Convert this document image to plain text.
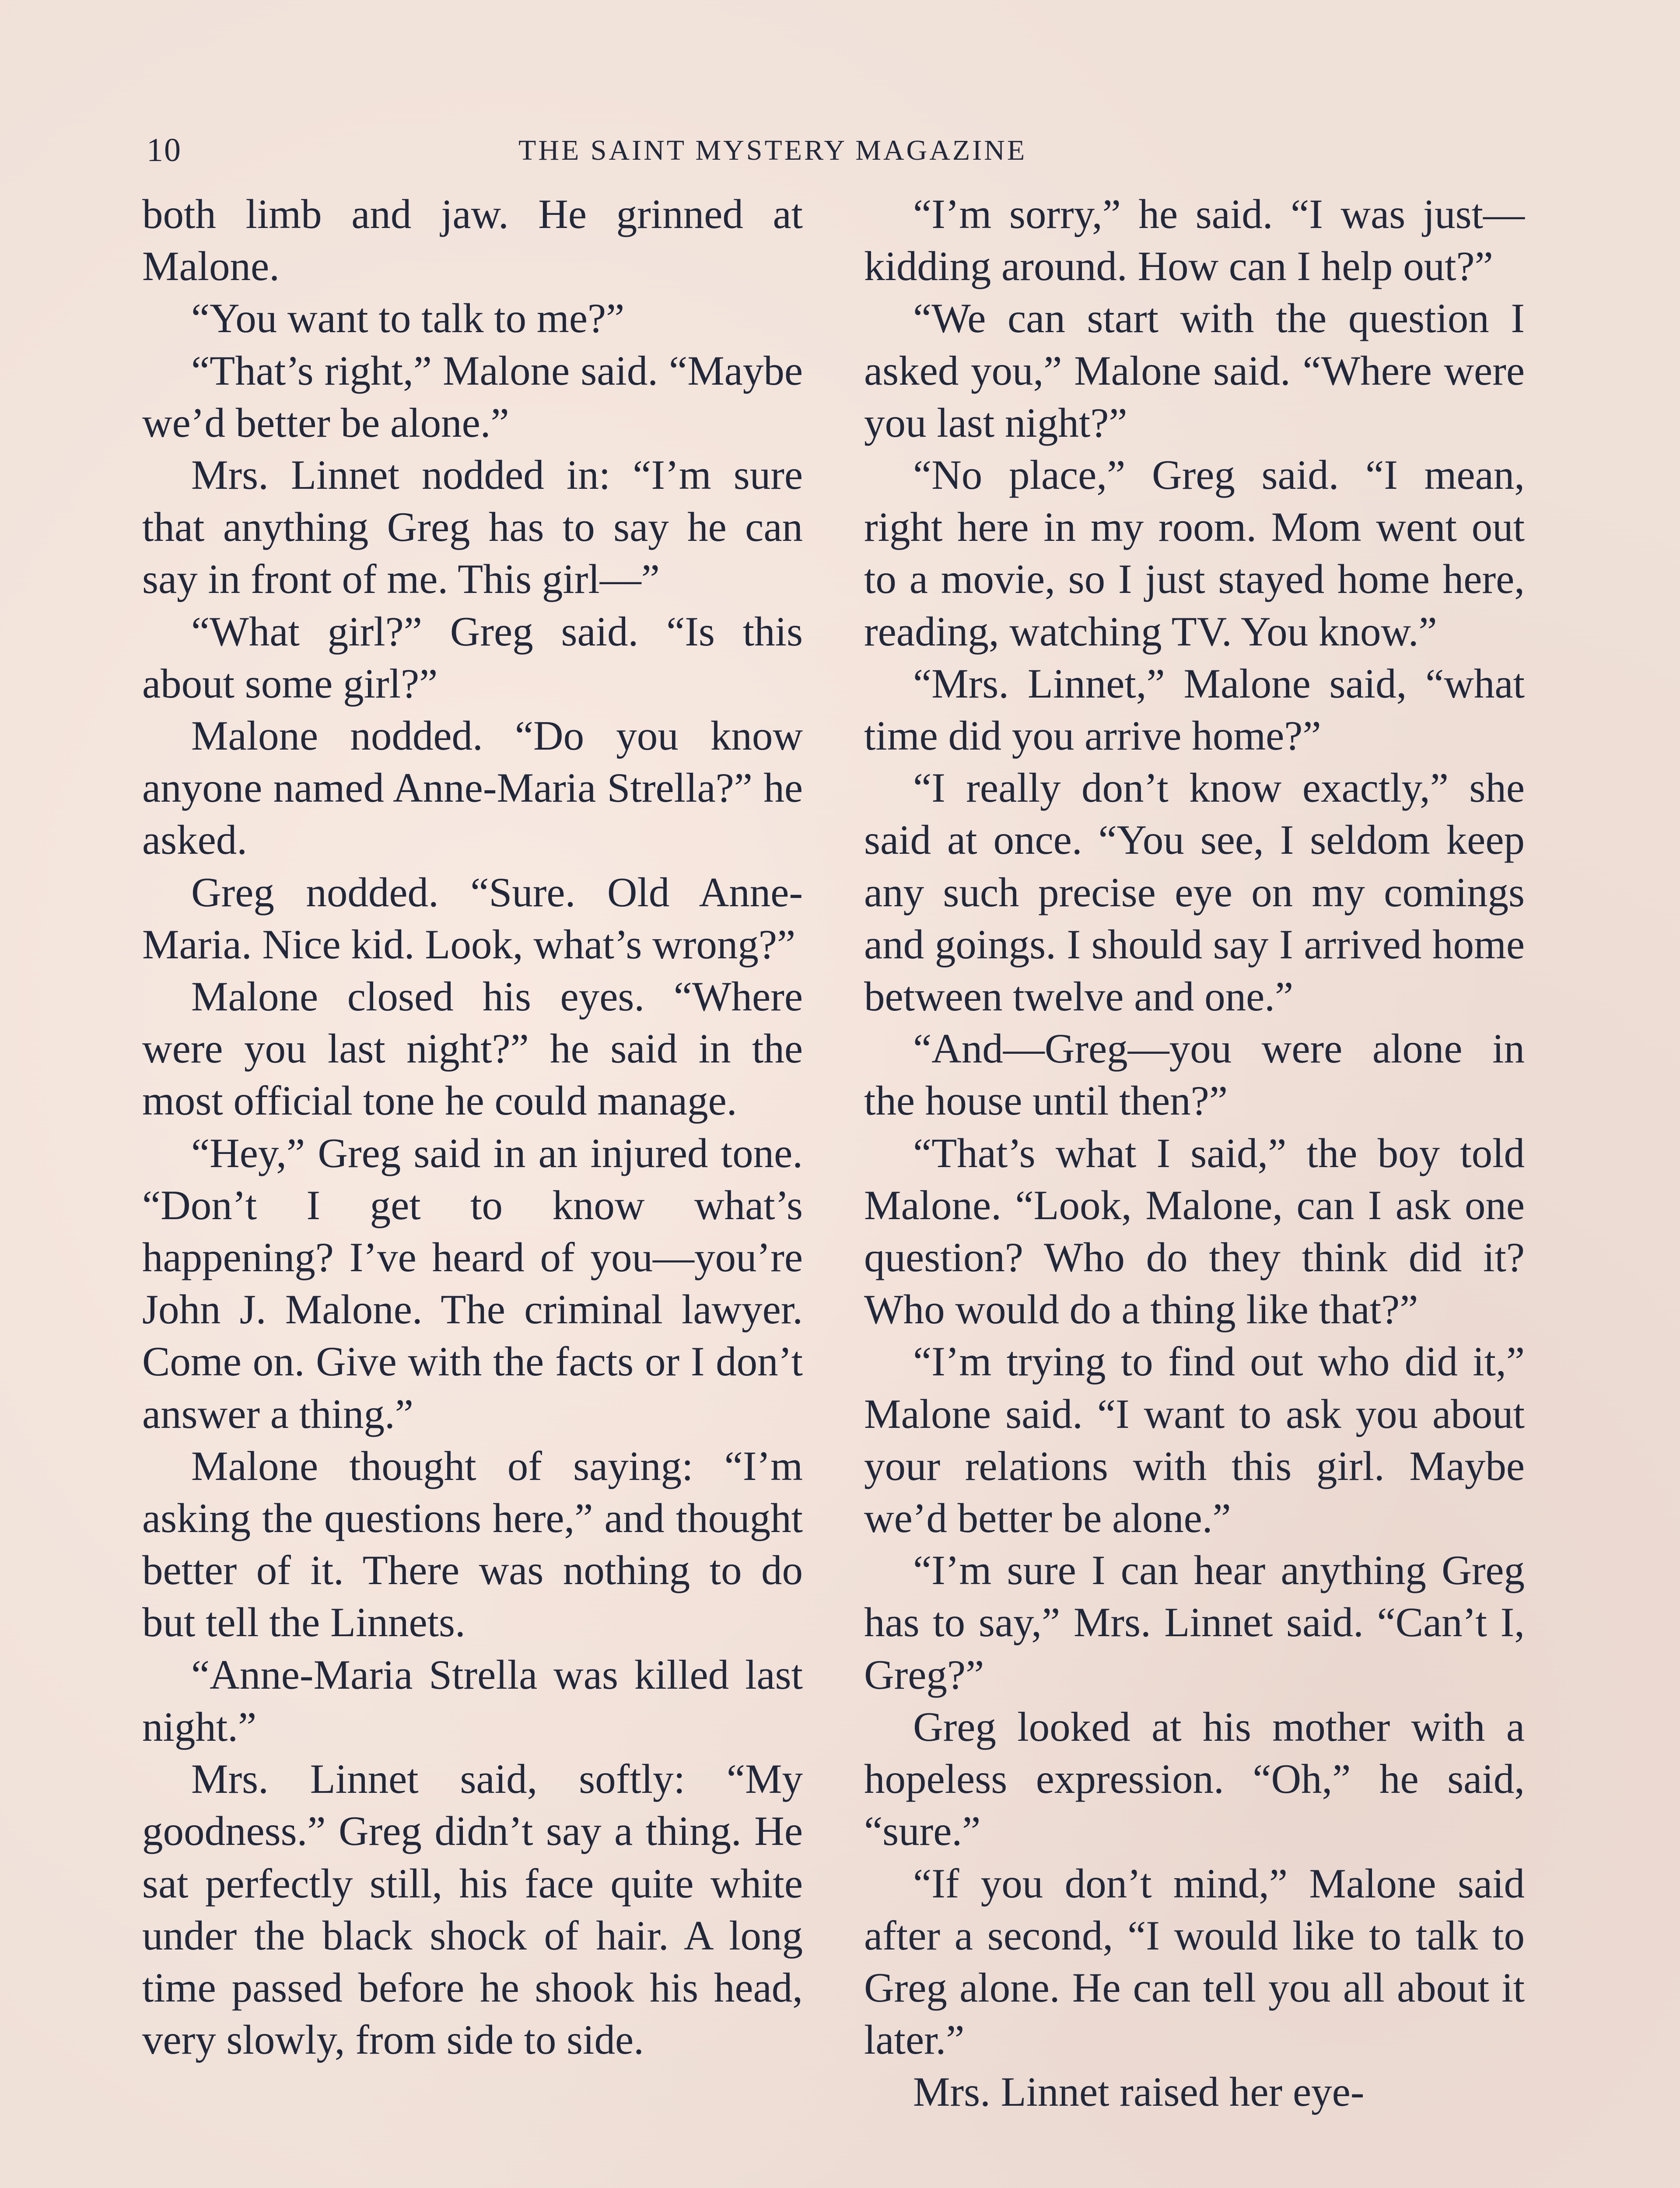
10	THE SAINT MYSTERY MAGAZINE

both limb and jaw. He grinned at Malone.

“You want to talk to me?”

“That’s right,” Malone said. “Maybe we’d better be alone.”

Mrs. Linnet nodded in: “I’m sure that anything Greg has to say he can say in front of me. This girl—”

“What girl?” Greg said. “Is this about some girl?”

Malone nodded. “Do you know anyone named Anne-Maria Strella?” he asked.

Greg nodded. “Sure. Old Anne-Maria. Nice kid. Look, what’s wrong?”

Malone closed his eyes. “Where were you last night?” he said in the most official tone he could manage.

“Hey,” Greg said in an injured tone. “Don’t I get to know what’s happening? I’ve heard of you—you’re John J. Malone. The criminal lawyer. Come on. Give with the facts or I don’t answer a thing.”

Malone thought of saying: “I’m asking the questions here,” and thought better of it. There was nothing to do but tell the Linnets.

“Anne-Maria Strella was killed last night.”

Mrs. Linnet said, softly: “My goodness.” Greg didn’t say a thing. He sat perfectly still, his face quite white under the black shock of hair. A long time passed before he shook his head, very slowly, from side to side.

“I’m sorry,” he said. “I was just—kidding around. How can I help out?”

“We can start with the question I asked you,” Malone said. “Where were you last night?”

“No place,” Greg said. “I mean, right here in my room. Mom went out to a movie, so I just stayed home here, reading, watching TV. You know.”

“Mrs. Linnet,” Malone said, “what time did you arrive home?”

“I really don’t know exactly,” she said at once. “You see, I seldom keep any such precise eye on my comings and goings. I should say I arrived home between twelve and one.”

“And—Greg—you were alone in the house until then?”

“That’s what I said,” the boy told Malone. “Look, Malone, can I ask one question? Who do they think did it? Who would do a thing like that?”

“I’m trying to find out who did it,” Malone said. “I want to ask you about your relations with this girl. Maybe we’d better be alone.”

“I’m sure I can hear anything Greg has to say,” Mrs. Linnet said. “Can’t I, Greg?”

Greg looked at his mother with a hopeless expression. “Oh,” he said, “sure.”

“If you don’t mind,” Malone said after a second, “I would like to talk to Greg alone. He can tell you all about it later.”

Mrs. Linnet raised her eye-
